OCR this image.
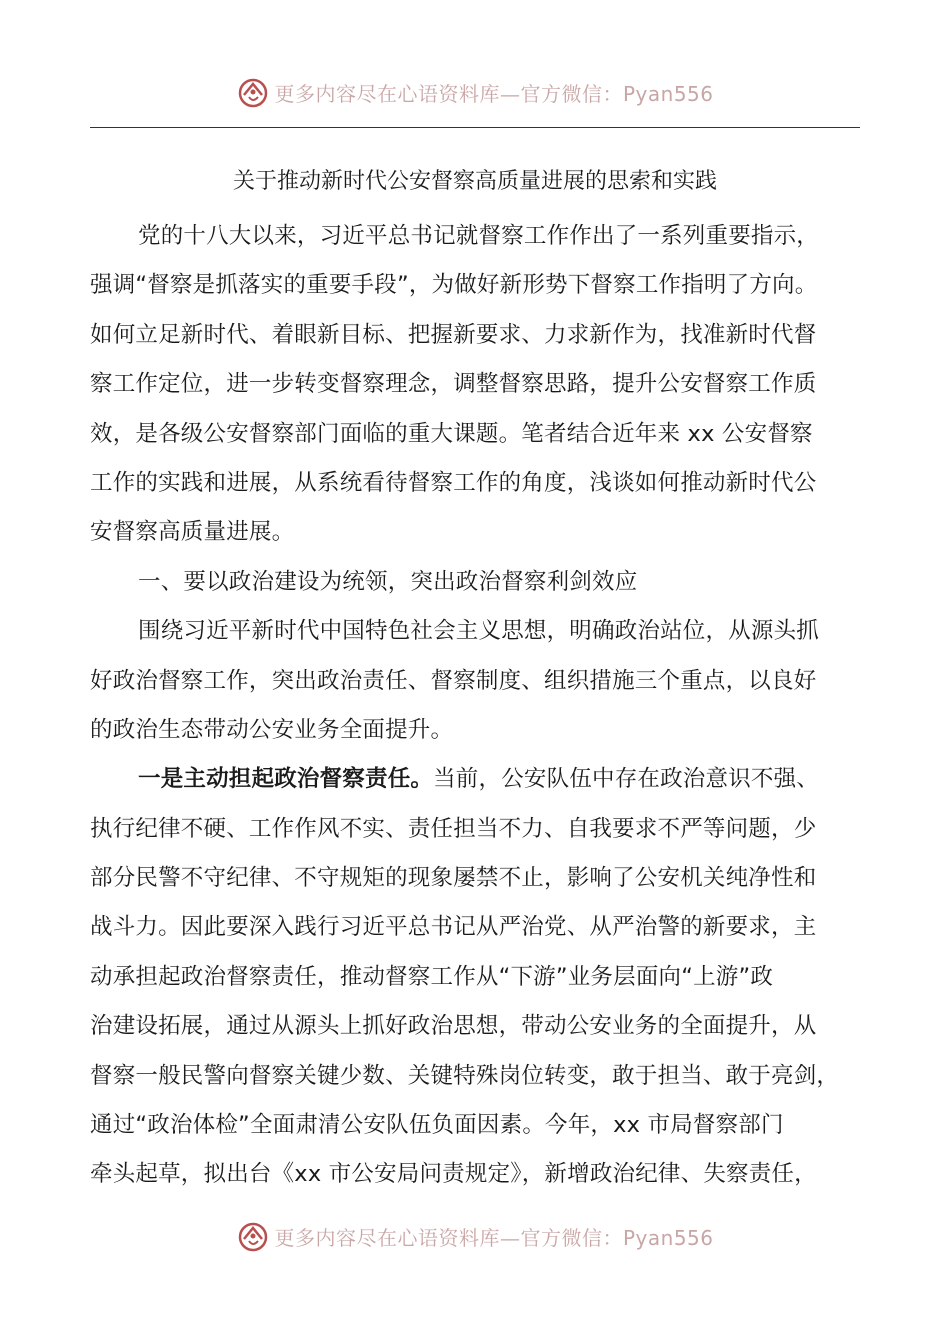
更多内容尽在心语资料库—官方微信：Pyan556
关于推动新时代公安督察高质量进展的思索和实践
党的十八大以来，习近平总书记就督察工作作出了一系列重要指示，
强调“督察是抓落实的重要手段”，为做好新形势下督察工作指明了方向。
如何立足新时代、着眼新目标、把握新要求、力求新作为，找准新时代督
察工作定位，进一步转变督察理念，调整督察思路，提升公安督察工作质
效，是各级公安督察部门面临的重大课题。笔者结合近年来 xx 公安督察
工作的实践和进展，从系统看待督察工作的角度，浅谈如何推动新时代公
安督察高质量进展。
一、要以政治建设为统领，突出政治督察利剑效应
围绕习近平新时代中国特色社会主义思想，明确政治站位，从源头抓
好政治督察工作，突出政治责任、督察制度、组织措施三个重点，以良好
的政治生态带动公安业务全面提升。
一是主动担起政治督察责任。当前，公安队伍中存在政治意识不强、
执行纪律不硬、工作作风不实、责任担当不力、自我要求不严等问题，少
部分民警不守纪律、不守规矩的现象屡禁不止，影响了公安机关纯净性和
战斗力。因此要深入践行习近平总书记从严治党、从严治警的新要求，主
动承担起政治督察责任，推动督察工作从“下游”业务层面向“上游”政
治建设拓展，通过从源头上抓好政治思想，带动公安业务的全面提升，从
督察一般民警向督察关键少数、关键特殊岗位转变，敢于担当、敢于亮剑，
通过“政治体检”全面肃清公安队伍负面因素。今年，xx 市局督察部门
牵头起草，拟出台《xx 市公安局问责规定》，新增政治纪律、失察责任，
更多内容尽在心语资料库—官方微信：Pyan556
